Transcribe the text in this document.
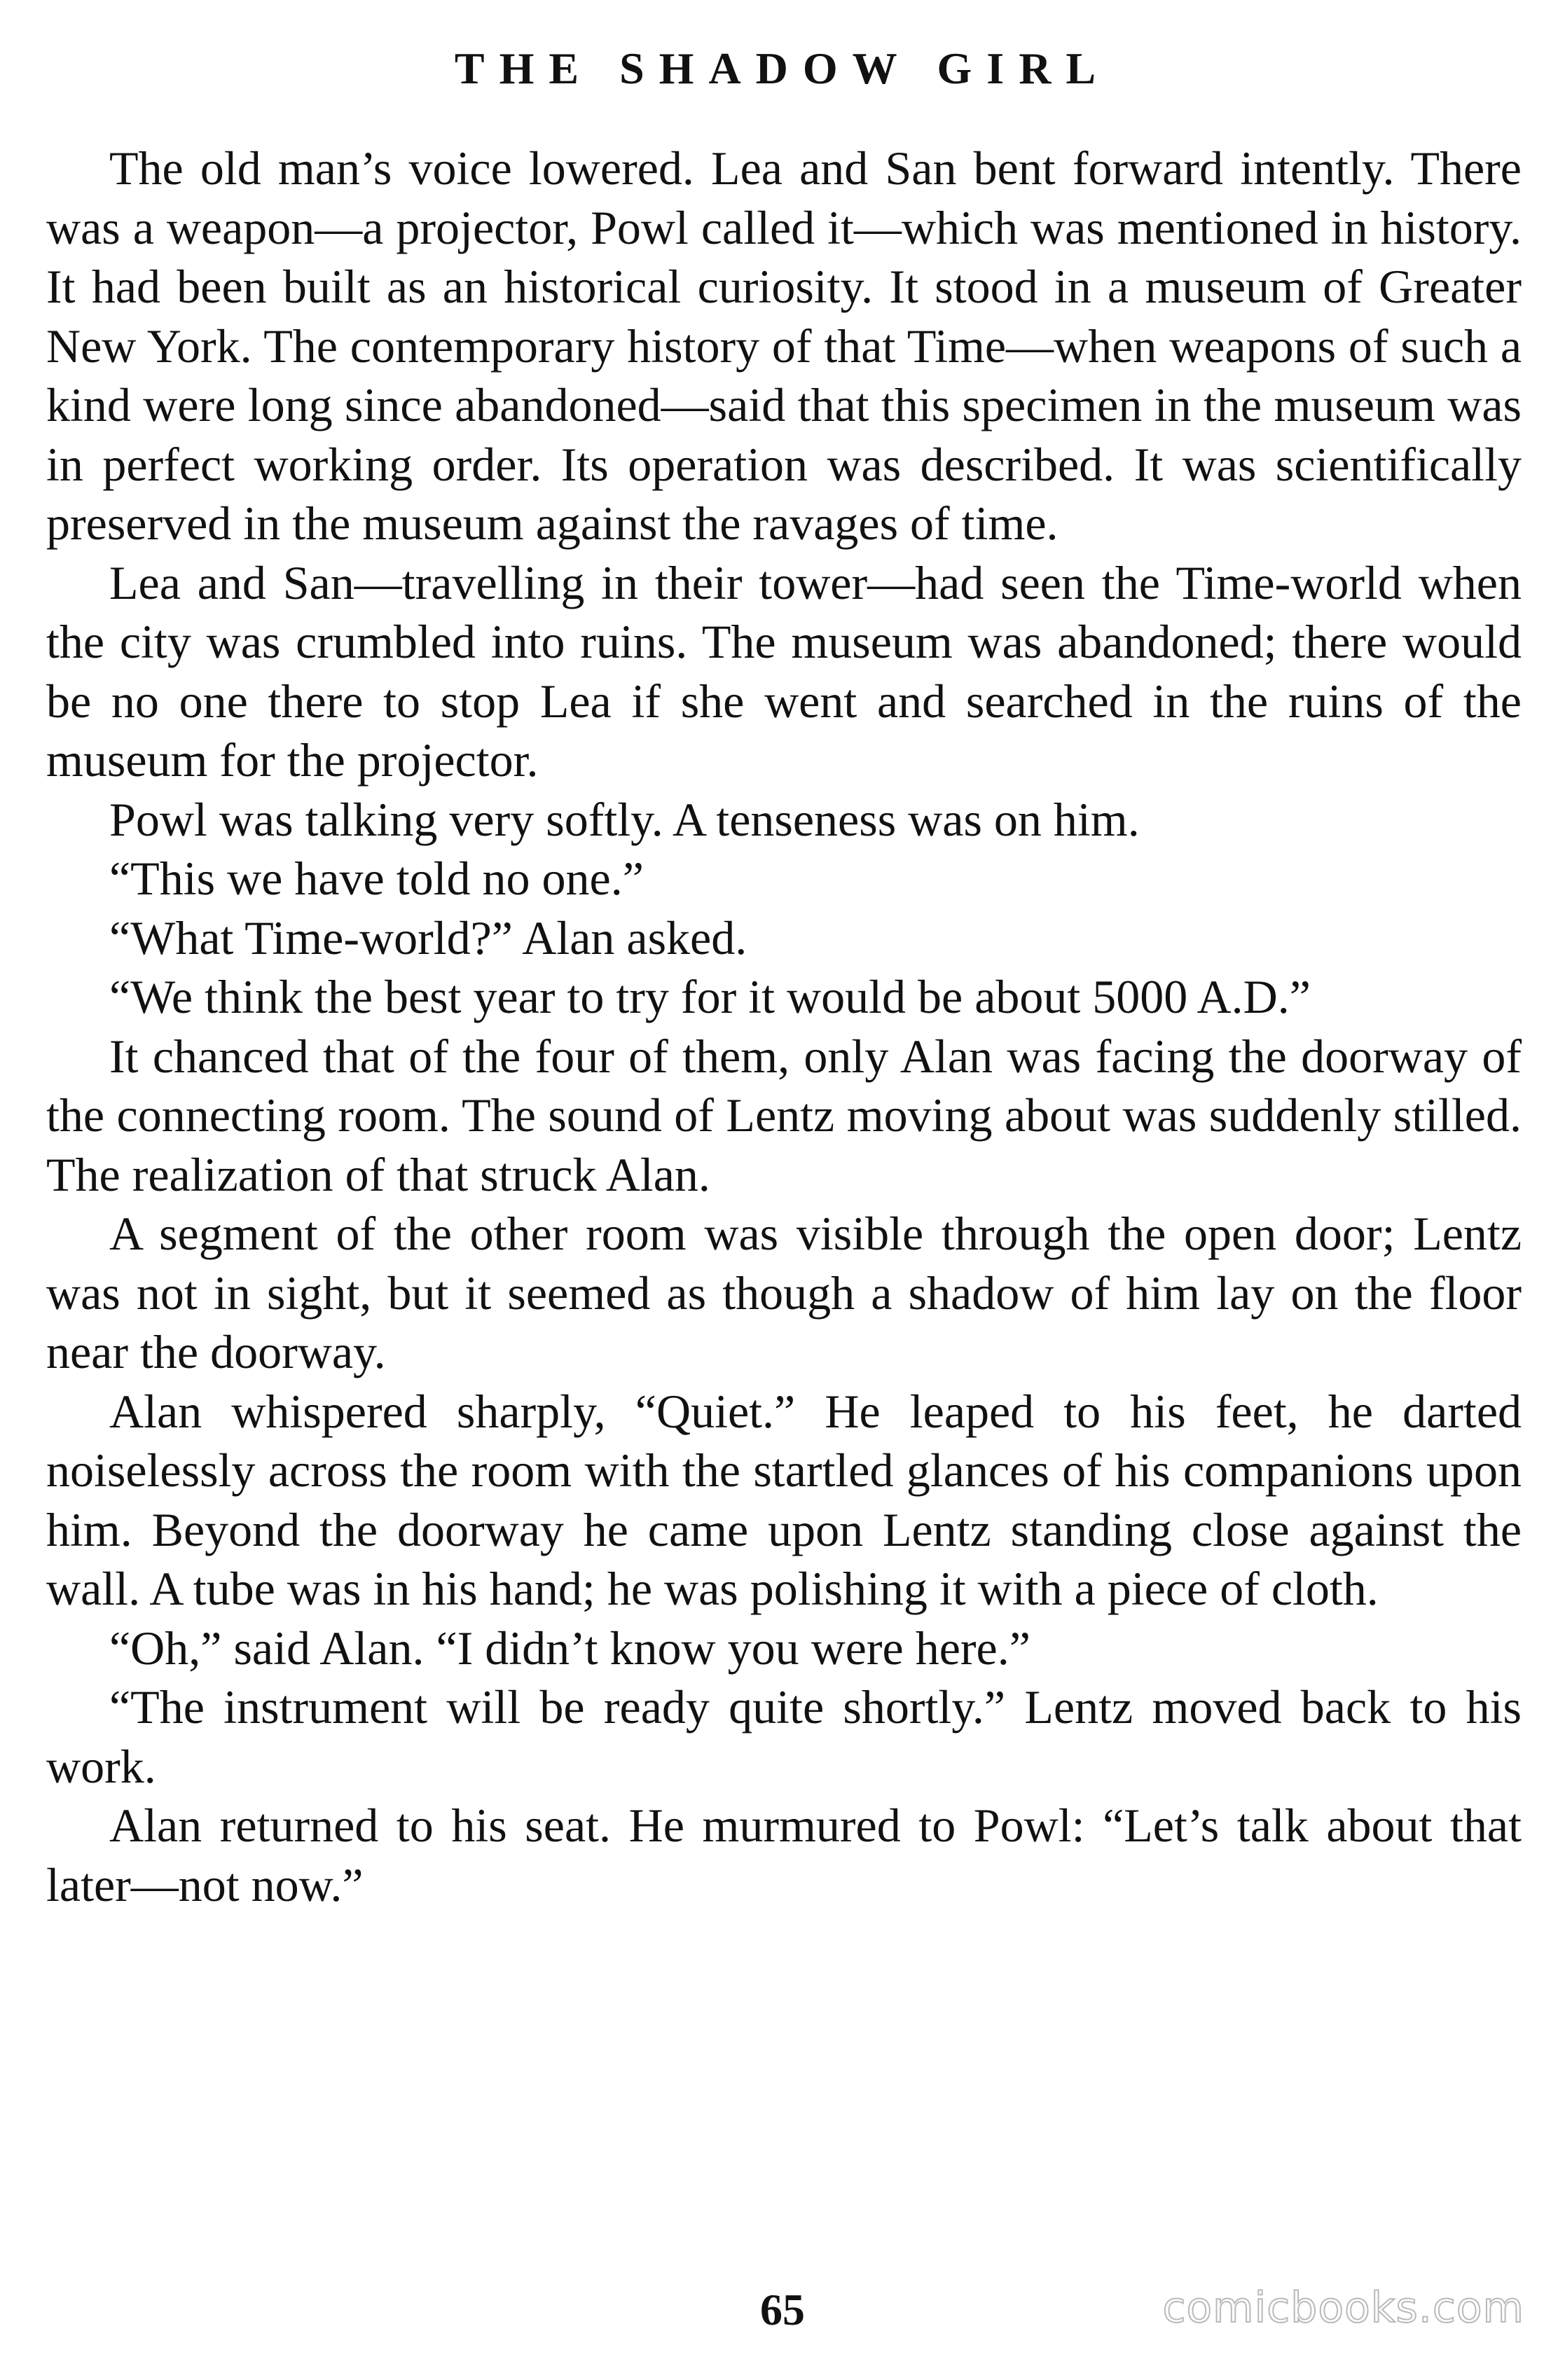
THE SHADOW GIRL

The old man’s voice lowered. Lea and San bent forward intently. There was a weapon—a projector, Powl called it—which was mentioned in history. It had been built as an historical curiosity. It stood in a museum of Greater New York. The contemporary history of that Time—when weapons of such a kind were long since abandoned—said that this specimen in the museum was in perfect working order. Its operation was described. It was scientifically preserved in the museum against the ravages of time.

Lea and San—travelling in their tower—had seen the Time-world when the city was crumbled into ruins. The museum was abandoned; there would be no one there to stop Lea if she went and searched in the ruins of the museum for the projector.

Powl was talking very softly. A tenseness was on him.

“This we have told no one.”

“What Time-world?” Alan asked.

“We think the best year to try for it would be about 5000 A.D.”

It chanced that of the four of them, only Alan was facing the doorway of the connecting room. The sound of Lentz moving about was suddenly stilled. The realization of that struck Alan.

A segment of the other room was visible through the open door; Lentz was not in sight, but it seemed as though a shadow of him lay on the floor near the doorway.

Alan whispered sharply, “Quiet.” He leaped to his feet, he darted noiselessly across the room with the startled glances of his companions upon him. Beyond the doorway he came upon Lentz standing close against the wall. A tube was in his hand; he was polishing it with a piece of cloth.

“Oh,” said Alan. “I didn’t know you were here.”

“The instrument will be ready quite shortly.” Lentz moved back to his work.

Alan returned to his seat. He murmured to Powl: “Let’s talk about that later—not now.”

65	comicbooks.com
